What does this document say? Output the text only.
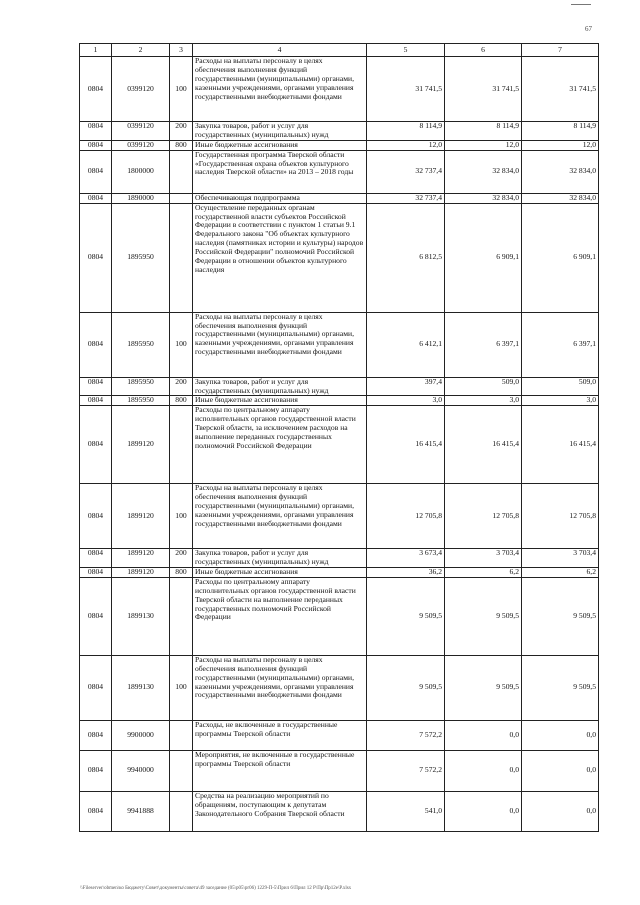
67
1	2	3	4	5	6	7
0804	0399120	100	Расходы на выплаты персоналу в целях обеспечения выполнения функций государственными (муниципальными) органами, казенными учреждениями, органами управления государственными внебюджетными фондами	31 741,5	31 741,5	31 741,5
0804	0399120	200	Закупка товаров, работ и услуг для государственных (муниципальных) нужд	8 114,9	8 114,9	8 114,9
0804	0399120	800	Иные бюджетные ассигнования	12,0	12,0	12,0
0804	1800000		Государственная программа Тверской области «Государственная охрана объектов культурного наследия Тверской области» на 2013 – 2018 годы	32 737,4	32 834,0	32 834,0
0804	1890000		Обеспечивающая подпрограмма	32 737,4	32 834,0	32 834,0
0804	1895950		Осуществление переданных органам государственной власти субъектов Российской Федерации в соответствии с пунктом 1 статьи 9.1 Федерального закона "Об объектах культурного наследия (памятниках истории и культуры) народов Российской Федерации" полномочий Российской Федерации в отношении объектов культурного наследия	6 812,5	6 909,1	6 909,1
0804	1895950	100	Расходы на выплаты персоналу в целях обеспечения выполнения функций государственными (муниципальными) органами, казенными учреждениями, органами управления государственными внебюджетными фондами	6 412,1	6 397,1	6 397,1
0804	1895950	200	Закупка товаров, работ и услуг для государственных (муниципальных) нужд	397,4	509,0	509,0
0804	1895950	800	Иные бюджетные ассигнования	3,0	3,0	3,0
0804	1899120		Расходы по центральному аппарату исполнительных органов государственной власти Тверской области, за исключением расходов на выполнение переданных государственных полномочий Российской Федерации	16 415,4	16 415,4	16 415,4
0804	1899120	100	Расходы на выплаты персоналу в целях обеспечения выполнения функций государственными (муниципальными) органами, казенными учреждениями, органами управления государственными внебюджетными фондами	12 705,8	12 705,8	12 705,8
0804	1899120	200	Закупка товаров, работ и услуг для государственных (муниципальных) нужд	3 673,4	3 703,4	3 703,4
0804	1899120	800	Иные бюджетные ассигнования	36,2	6,2	6,2
0804	1899130		Расходы по центральному аппарату исполнительных органов государственной власти Тверской области на выполнение переданных государственных полномочий Российской Федерации	9 509,5	9 509,5	9 509,5
0804	1899130	100	Расходы на выплаты персоналу в целях обеспечения выполнения функций государственными (муниципальными) органами, казенными учреждениями, органами управления государственными внебюджетными фондами	9 509,5	9 509,5	9 509,5
0804	9900000		Расходы, не включенные в государственные программы Тверской области	7 572,2	0,0	0,0
0804	9940000		Мероприятия, не включенные в государственные программы Тверской области	7 572,2	0,0	0,0
0804	9941888		Средства на реализацию мероприятий по обращениям, поступающим к депутатам Законодательного Собрания Тверской области	541,0	0,0	0,0
\\Fileserver\obmen\ко Бюджету\Совет\документы\совета\49 заседание (05\p05\pr06) 1229-П-5\Прил 6\Прил 12 Р\Пр\Пр12е\Р.xlsx
